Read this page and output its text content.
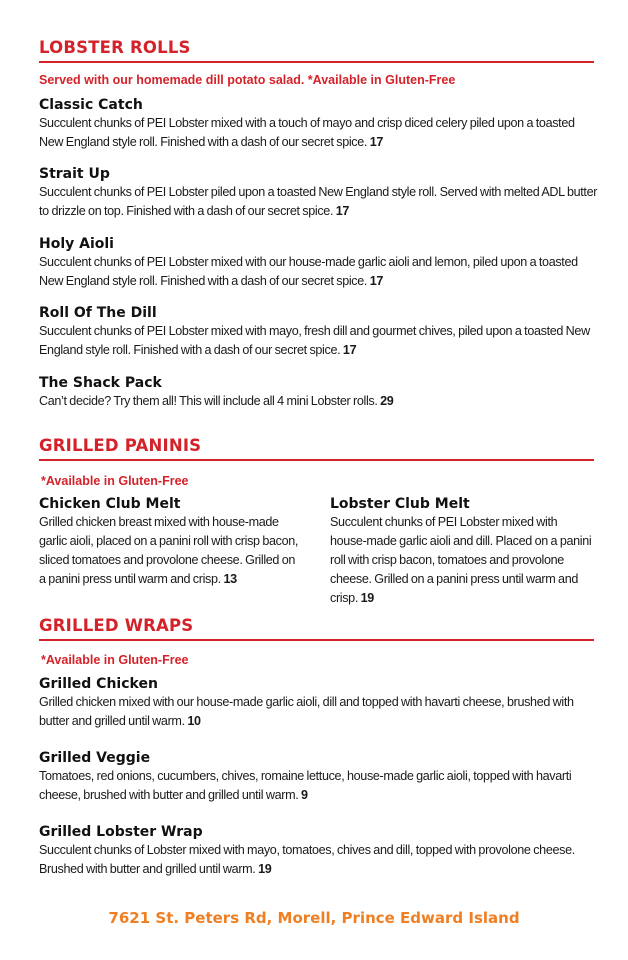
LOBSTER ROLLS
Served with our homemade dill potato salad. *Available in Gluten-Free
Classic Catch
Succulent chunks of PEI Lobster mixed with a touch of mayo and crisp diced celery piled upon a toasted New England style roll. Finished with a dash of our secret spice. 17
Strait Up
Succulent chunks of PEI Lobster piled upon a toasted New England style roll. Served with melted ADL butter to drizzle on top. Finished with a dash of our secret spice. 17
Holy Aioli
Succulent chunks of PEI Lobster mixed with our house-made garlic aioli and lemon, piled upon a toasted New England style roll. Finished with a dash of our secret spice. 17
Roll Of The Dill
Succulent chunks of PEI Lobster mixed with mayo, fresh dill and gourmet chives, piled upon a toasted New England style roll. Finished with a dash of our secret spice. 17
The Shack Pack
Can’t decide? Try them all! This will include all 4 mini Lobster rolls. 29
GRILLED PANINIS
*Available in Gluten-Free
Chicken Club Melt
Grilled chicken breast mixed with house-made garlic aioli, placed on a panini roll with crisp bacon, sliced tomatoes and provolone cheese. Grilled on a panini press until warm and crisp. 13
Lobster Club Melt
Succulent chunks of PEI Lobster mixed with house-made garlic aioli and dill. Placed on a panini roll with crisp bacon, tomatoes and provolone cheese. Grilled on a panini press until warm and crisp. 19
GRILLED WRAPS
*Available in Gluten-Free
Grilled Chicken
Grilled chicken mixed with our house-made garlic aioli, dill and topped with havarti cheese, brushed with butter and grilled until warm. 10
Grilled Veggie
Tomatoes, red onions, cucumbers, chives, romaine lettuce, house-made garlic aioli, topped with havarti cheese, brushed with butter and grilled until warm. 9
Grilled Lobster Wrap
Succulent chunks of Lobster mixed with mayo, tomatoes, chives and dill, topped with provolone cheese. Brushed with butter and grilled until warm. 19
7621 St. Peters Rd, Morell, Prince Edward Island
